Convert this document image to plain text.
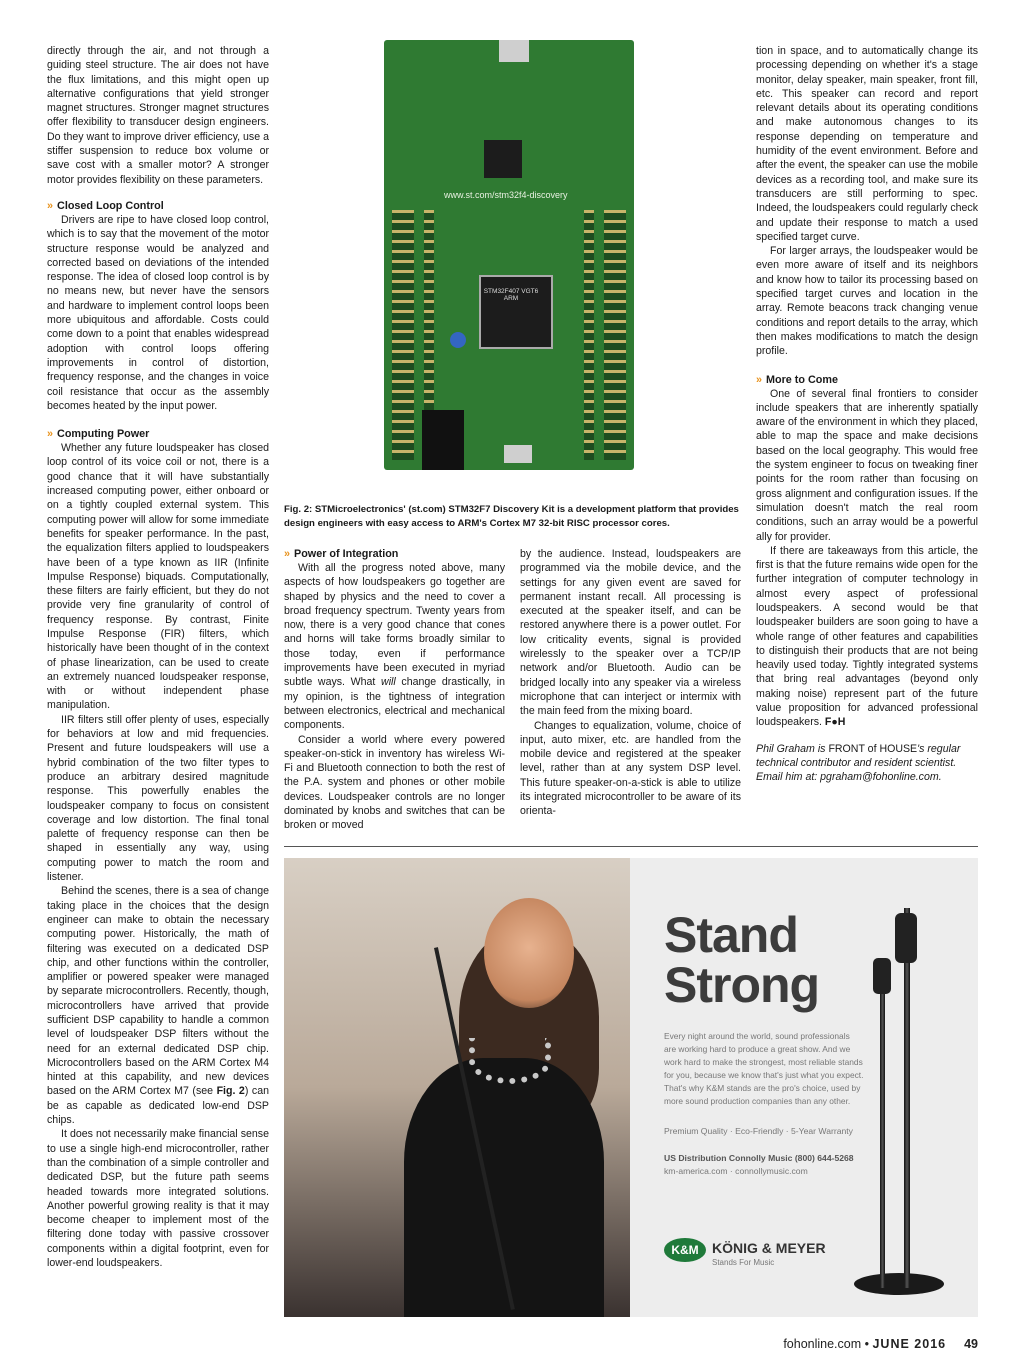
directly through the air, and not through a guiding steel structure. The air does not have the flux limitations, and this might open up alternative configurations that yield stronger magnet structures. Stronger magnet structures offer flexibility to transducer design engineers. Do they want to improve driver efficiency, use a stiffer suspension to reduce box volume or save cost with a smaller motor? A stronger motor provides flexibility on these parameters.

» Closed Loop Control

Drivers are ripe to have closed loop control, which is to say that the movement of the motor structure response would be analyzed and corrected based on deviations of the intended response. The idea of closed loop control is by no means new, but never have the sensors and hardware to implement control loops been more ubiquitous and affordable. Costs could come down to a point that enables widespread adoption with control loops offering improvements in control of distortion, frequency response, and the changes in voice coil resistance that occur as the assembly becomes heated by the input power.

» Computing Power

Whether any future loudspeaker has closed loop control of its voice coil or not, there is a good chance that it will have substantially increased computing power, either onboard or on a tightly coupled external system. This computing power will allow for some immediate benefits for speaker performance. In the past, the equalization filters applied to loudspeakers have been of a type known as IIR (Infinite Impulse Response) biquads. Computationally, these filters are fairly efficient, but they do not provide very fine granularity of control of frequency response. By contrast, Finite Impulse Response (FIR) filters, which historically have been thought of in the context of phase linearization, can be used to create an extremely nuanced loudspeaker response, with or without independent phase manipulation.

IIR filters still offer plenty of uses, especially for behaviors at low and mid frequencies. Present and future loudspeakers will use a hybrid combination of the two filter types to produce an arbitrary desired magnitude response. This powerfully enables the loudspeaker company to focus on consistent coverage and low distortion. The final tonal palette of frequency response can then be shaped in essentially any way, using computing power to match the room and listener.

Behind the scenes, there is a sea of change taking place in the choices that the design engineer can make to obtain the necessary computing power. Historically, the math of filtering was executed on a dedicated DSP chip, and other functions within the controller, amplifier or powered speaker were managed by separate microcontrollers. Recently, though, microcontrollers have arrived that provide sufficient DSP capability to handle a common level of loudspeaker DSP filters without the need for an external dedicated DSP chip. Microcontrollers based on the ARM Cortex M4 hinted at this capability, and new devices based on the ARM Cortex M7 (see Fig. 2) can be as capable as dedicated low-end DSP chips.

It does not necessarily make financial sense to use a single high-end microcontroller, rather than the combination of a simple controller and dedicated DSP, but the future path seems headed towards more integrated solutions. Another powerful growing reality is that it may become cheaper to implement most of the filtering done today with passive crossover components within a digital footprint, even for lower-end loudspeakers.

www.st.com/stm32f4-discovery
STM32F407 VGT6 ARM
Fig. 2: STMicroelectronics' (st.com) STM32F7 Discovery Kit is a development platform that provides design engineers with easy access to ARM's Cortex M7 32-bit RISC processor cores.
» Power of Integration

With all the progress noted above, many aspects of how loudspeakers go together are shaped by physics and the need to cover a broad frequency spectrum. Twenty years from now, there is a very good chance that cones and horns will take forms broadly similar to those today, even if performance improvements have been executed in myriad subtle ways. What will change drastically, in my opinion, is the tightness of integration between electronics, electrical and mechanical components.

Consider a world where every powered speaker-on-stick in inventory has wireless Wi-Fi and Bluetooth connection to both the rest of the P.A. system and phones or other mobile devices. Loudspeaker controls are no longer dominated by knobs and switches that can be broken or moved

by the audience. Instead, loudspeakers are programmed via the mobile device, and the settings for any given event are saved for permanent instant recall. All processing is executed at the speaker itself, and can be restored anywhere there is a power outlet. For low criticality events, signal is provided wirelessly to the speaker over a TCP/IP network and/or Bluetooth. Audio can be bridged locally into any speaker via a wireless microphone that can interject or intermix with the main feed from the mixing board.

Changes to equalization, volume, choice of input, auto mixer, etc. are handled from the mobile device and registered at the speaker level, rather than at any system DSP level. This future speaker-on-a-stick is able to utilize its integrated microcontroller to be aware of its orienta-

tion in space, and to automatically change its processing depending on whether it's a stage monitor, delay speaker, main speaker, front fill, etc. This speaker can record and report relevant details about its operating conditions and make autonomous changes to its response depending on temperature and humidity of the event environment. Before and after the event, the speaker can use the mobile devices as a recording tool, and make sure its transducers are still performing to spec. Indeed, the loudspeakers could regularly check and update their response to match a used specified target curve.

For larger arrays, the loudspeaker would be even more aware of itself and its neighbors and know how to tailor its processing based on specified target curves and location in the array. Remote beacons track changing venue conditions and report details to the array, which then makes modifications to match the design profile.

» More to Come

One of several final frontiers to consider include speakers that are inherently spatially aware of the environment in which they placed, able to map the space and make decisions based on the local geography. This would free the system engineer to focus on tweaking finer points for the room rather than focusing on gross alignment and configuration issues. If the simulation doesn't match the real room conditions, such an array would be a powerful ally for provider.

If there are takeaways from this article, the first is that the future remains wide open for the further integration of computer technology in almost every aspect of professional loudspeakers. A second would be that loudspeaker builders are soon going to have a whole range of other features and capabilities to distinguish their products that are not being heavily used today. Tightly integrated systems that bring real advantages (beyond only making noise) represent part of the future value proposition for advanced professional loudspeakers. F●H

Phil Graham is FRONT of HOUSE's regular technical contributor and resident scientist. Email him at: pgraham@fohonline.com.

Stand
Strong
Every night around the world, sound professionals are working hard to produce a great show. And we work hard to make the strongest, most reliable stands for you, because we know that's just what you expect. That's why K&M stands are the pro's choice, used by more sound production companies than any other.
Premium Quality · Eco-Friendly · 5-Year Warranty
US Distribution Connolly Music (800) 644-5268
km-america.com · connollymusic.com
K&M KÖNIG & MEYER
Stands For Music
fohonline.com • JUNE 2016 49
